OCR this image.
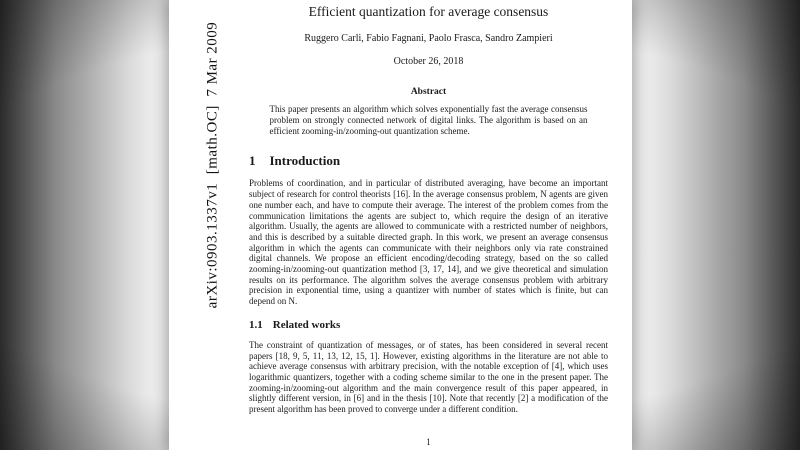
arXiv:0903.1337v1  [math.OC]  7 Mar 2009
Efficient quantization for average consensus
Ruggero Carli, Fabio Fagnani, Paolo Frasca, Sandro Zampieri
October 26, 2018
Abstract

This paper presents an algorithm which solves exponentially fast the average consensus problem on strongly connected network of digital links. The algorithm is based on an efficient zooming-in/zooming-out quantization scheme.

1 Introduction

Problems of coordination, and in particular of distributed averaging, have become an important subject of research for control theorists [16]. In the average consensus problem, N agents are given one number each, and have to compute their average. The interest of the problem comes from the communication limitations the agents are subject to, which require the design of an iterative algorithm. Usually, the agents are allowed to communicate with a restricted number of neighbors, and this is described by a suitable directed graph. In this work, we present an average consensus algorithm in which the agents can communicate with their neighbors only via rate constrained digital channels. We propose an efficient encoding/decoding strategy, based on the so called zooming-in/zooming-out quantization method [3, 17, 14], and we give theoretical and simulation results on its performance. The algorithm solves the average consensus problem with arbitrary precision in exponential time, using a quantizer with number of states which is finite, but can depend on N.

1.1 Related works

The constraint of quantization of messages, or of states, has been considered in several recent papers [18, 9, 5, 11, 13, 12, 15, 1]. However, existing algorithms in the literature are not able to achieve average consensus with arbitrary precision, with the notable exception of [4], which uses logarithmic quantizers, together with a coding scheme similar to the one in the present paper. The zooming-in/zooming-out algorithm and the main convergence result of this paper appeared, in slightly different version, in [6] and in the thesis [10]. Note that recently [2] a modification of the present algorithm has been proved to converge under a different condition.

1
